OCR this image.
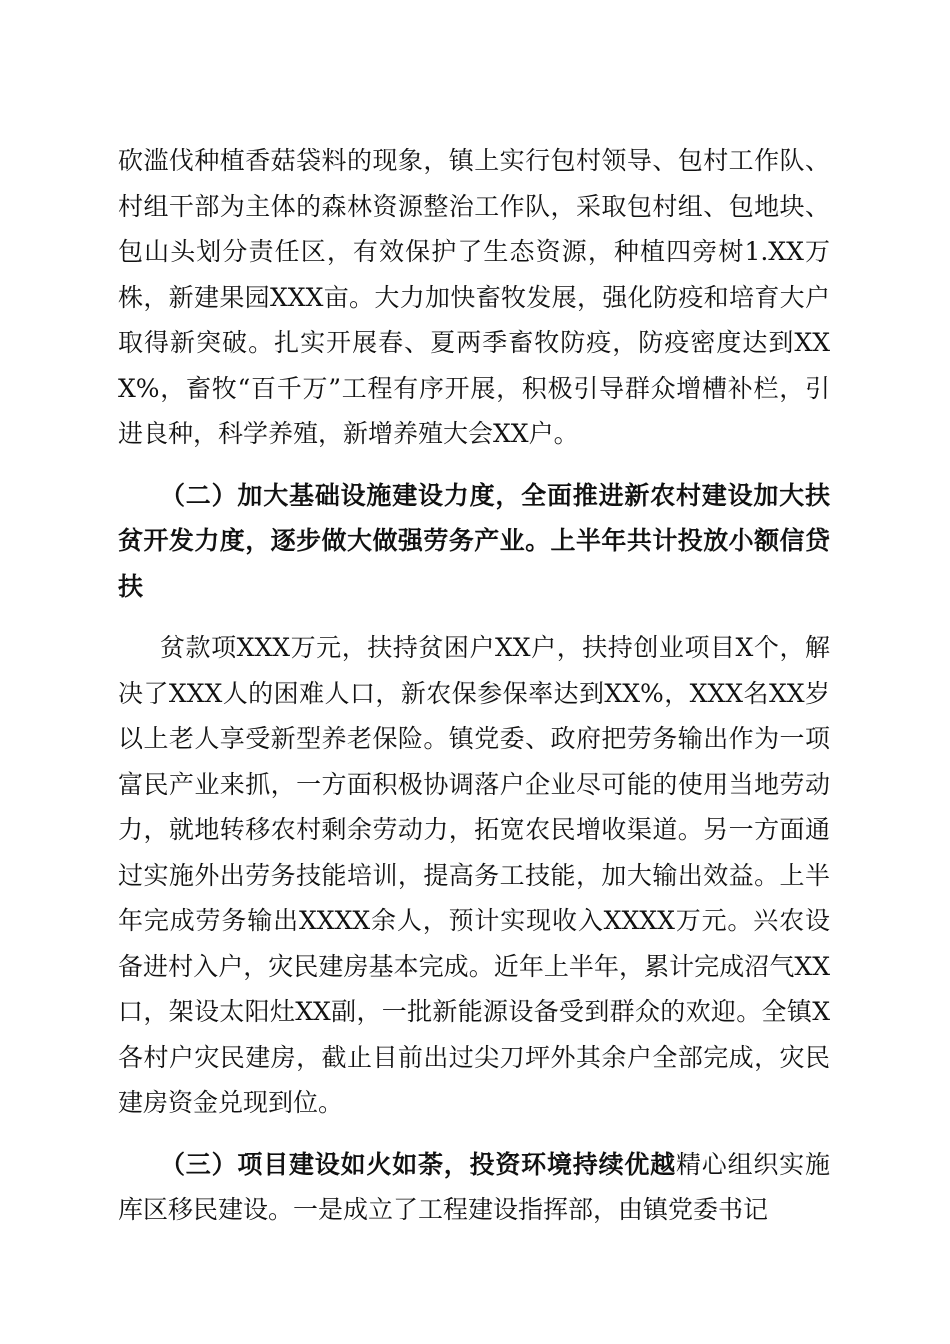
砍滥伐种植香菇袋料的现象，镇上实行包村领导、包村工作队、村组干部为主体的森林资源整治工作队，采取包村组、包地块、包山头划分责任区，有效保护了生态资源，种植四旁树1.XX万株，新建果园XXX亩。大力加快畜牧发展，强化防疫和培育大户取得新突破。扎实开展春、夏两季畜牧防疫，防疫密度达到XXX%，畜牧“百千万”工程有序开展，积极引导群众增槽补栏，引进良种，科学养殖，新增养殖大会XX户。

（二）加大基础设施建设力度，全面推进新农村建设加大扶贫开发力度，逐步做大做强劳务产业。上半年共计投放小额信贷扶

贫款项XXX万元，扶持贫困户XX户，扶持创业项目X个，解决了XXX人的困难人口，新农保参保率达到XX%，XXX名XX岁以上老人享受新型养老保险。镇党委、政府把劳务输出作为一项富民产业来抓，一方面积极协调落户企业尽可能的使用当地劳动力，就地转移农村剩余劳动力，拓宽农民增收渠道。另一方面通过实施外出劳务技能培训，提高务工技能，加大输出效益。上半年完成劳务输出XXXX余人，预计实现收入XXXX万元。兴农设备进村入户，灾民建房基本完成。近年上半年，累计完成沼气XX口，架设太阳灶XX副，一批新能源设备受到群众的欢迎。全镇X各村户灾民建房，截止目前出过尖刀坪外其余户全部完成，灾民建房资金兑现到位。

（三）项目建设如火如荼，投资环境持续优越精心组织实施库区移民建设。一是成立了工程建设指挥部，由镇党委书记
